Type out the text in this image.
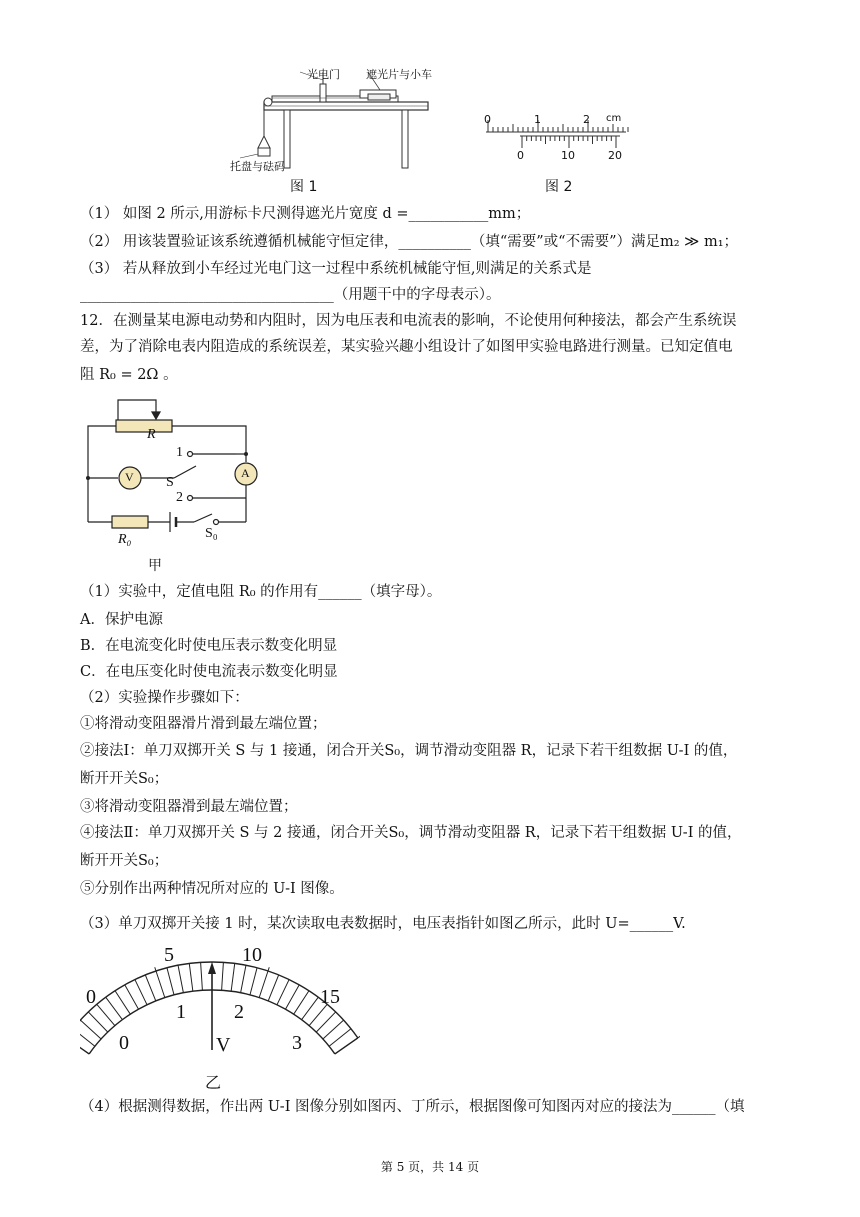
光电门 遮光片与小车
托盘与砝码
图 1
0	1	2 cm
0	10	20
图 2
（1） 如图 2 所示,用游标卡尺测得遮光片宽度 d =___________mm；
（2） 用该装置验证该系统遵循机械能守恒定律，__________（填“需要”或“不需要”）满足m₂ ≫ m₁；
（3） 若从释放到小车经过光电门这一过程中系统机械能守恒,则满足的关系式是
___________________________________（用题干中的字母表示）。
12．在测量某电源电动势和内阻时，因为电压表和电流表的影响，不论使用何种接法，都会产生系统误
差，为了消除电表内阻造成的系统误差，某实验兴趣小组设计了如图甲实验电路进行测量。已知定值电
阻 R₀ = 2Ω 。
R
V	A
1
S
2
R₀	S₀
甲
（1）实验中，定值电阻 R₀ 的作用有______（填字母）。
A．保护电源
B．在电流变化时使电压表示数变化明显
C．在电压变化时使电流表示数变化明显
（2）实验操作步骤如下：
①将滑动变阻器滑片滑到最左端位置；
②接法Ⅰ：单刀双掷开关 S 与 1 接通，闭合开关S₀，调节滑动变阻器 R，记录下若干组数据 U-I 的值，
断开开关S₀；
③将滑动变阻器滑到最左端位置；
④接法Ⅱ：单刀双掷开关 S 与 2 接通，闭合开关S₀，调节滑动变阻器 R，记录下若干组数据 U-I 的值，
断开开关S₀；
⑤分别作出两种情况所对应的 U-I 图像。
（3）单刀双掷开关接 1 时，某次读取电表数据时，电压表指针如图乙所示，此时 U=______V.
0
5	10
15
0
1 2
3
V
乙
（4）根据测得数据，作出两 U-I 图像分别如图丙、丁所示，根据图像可知图丙对应的接法为______（填
第 5 页，共 14 页
